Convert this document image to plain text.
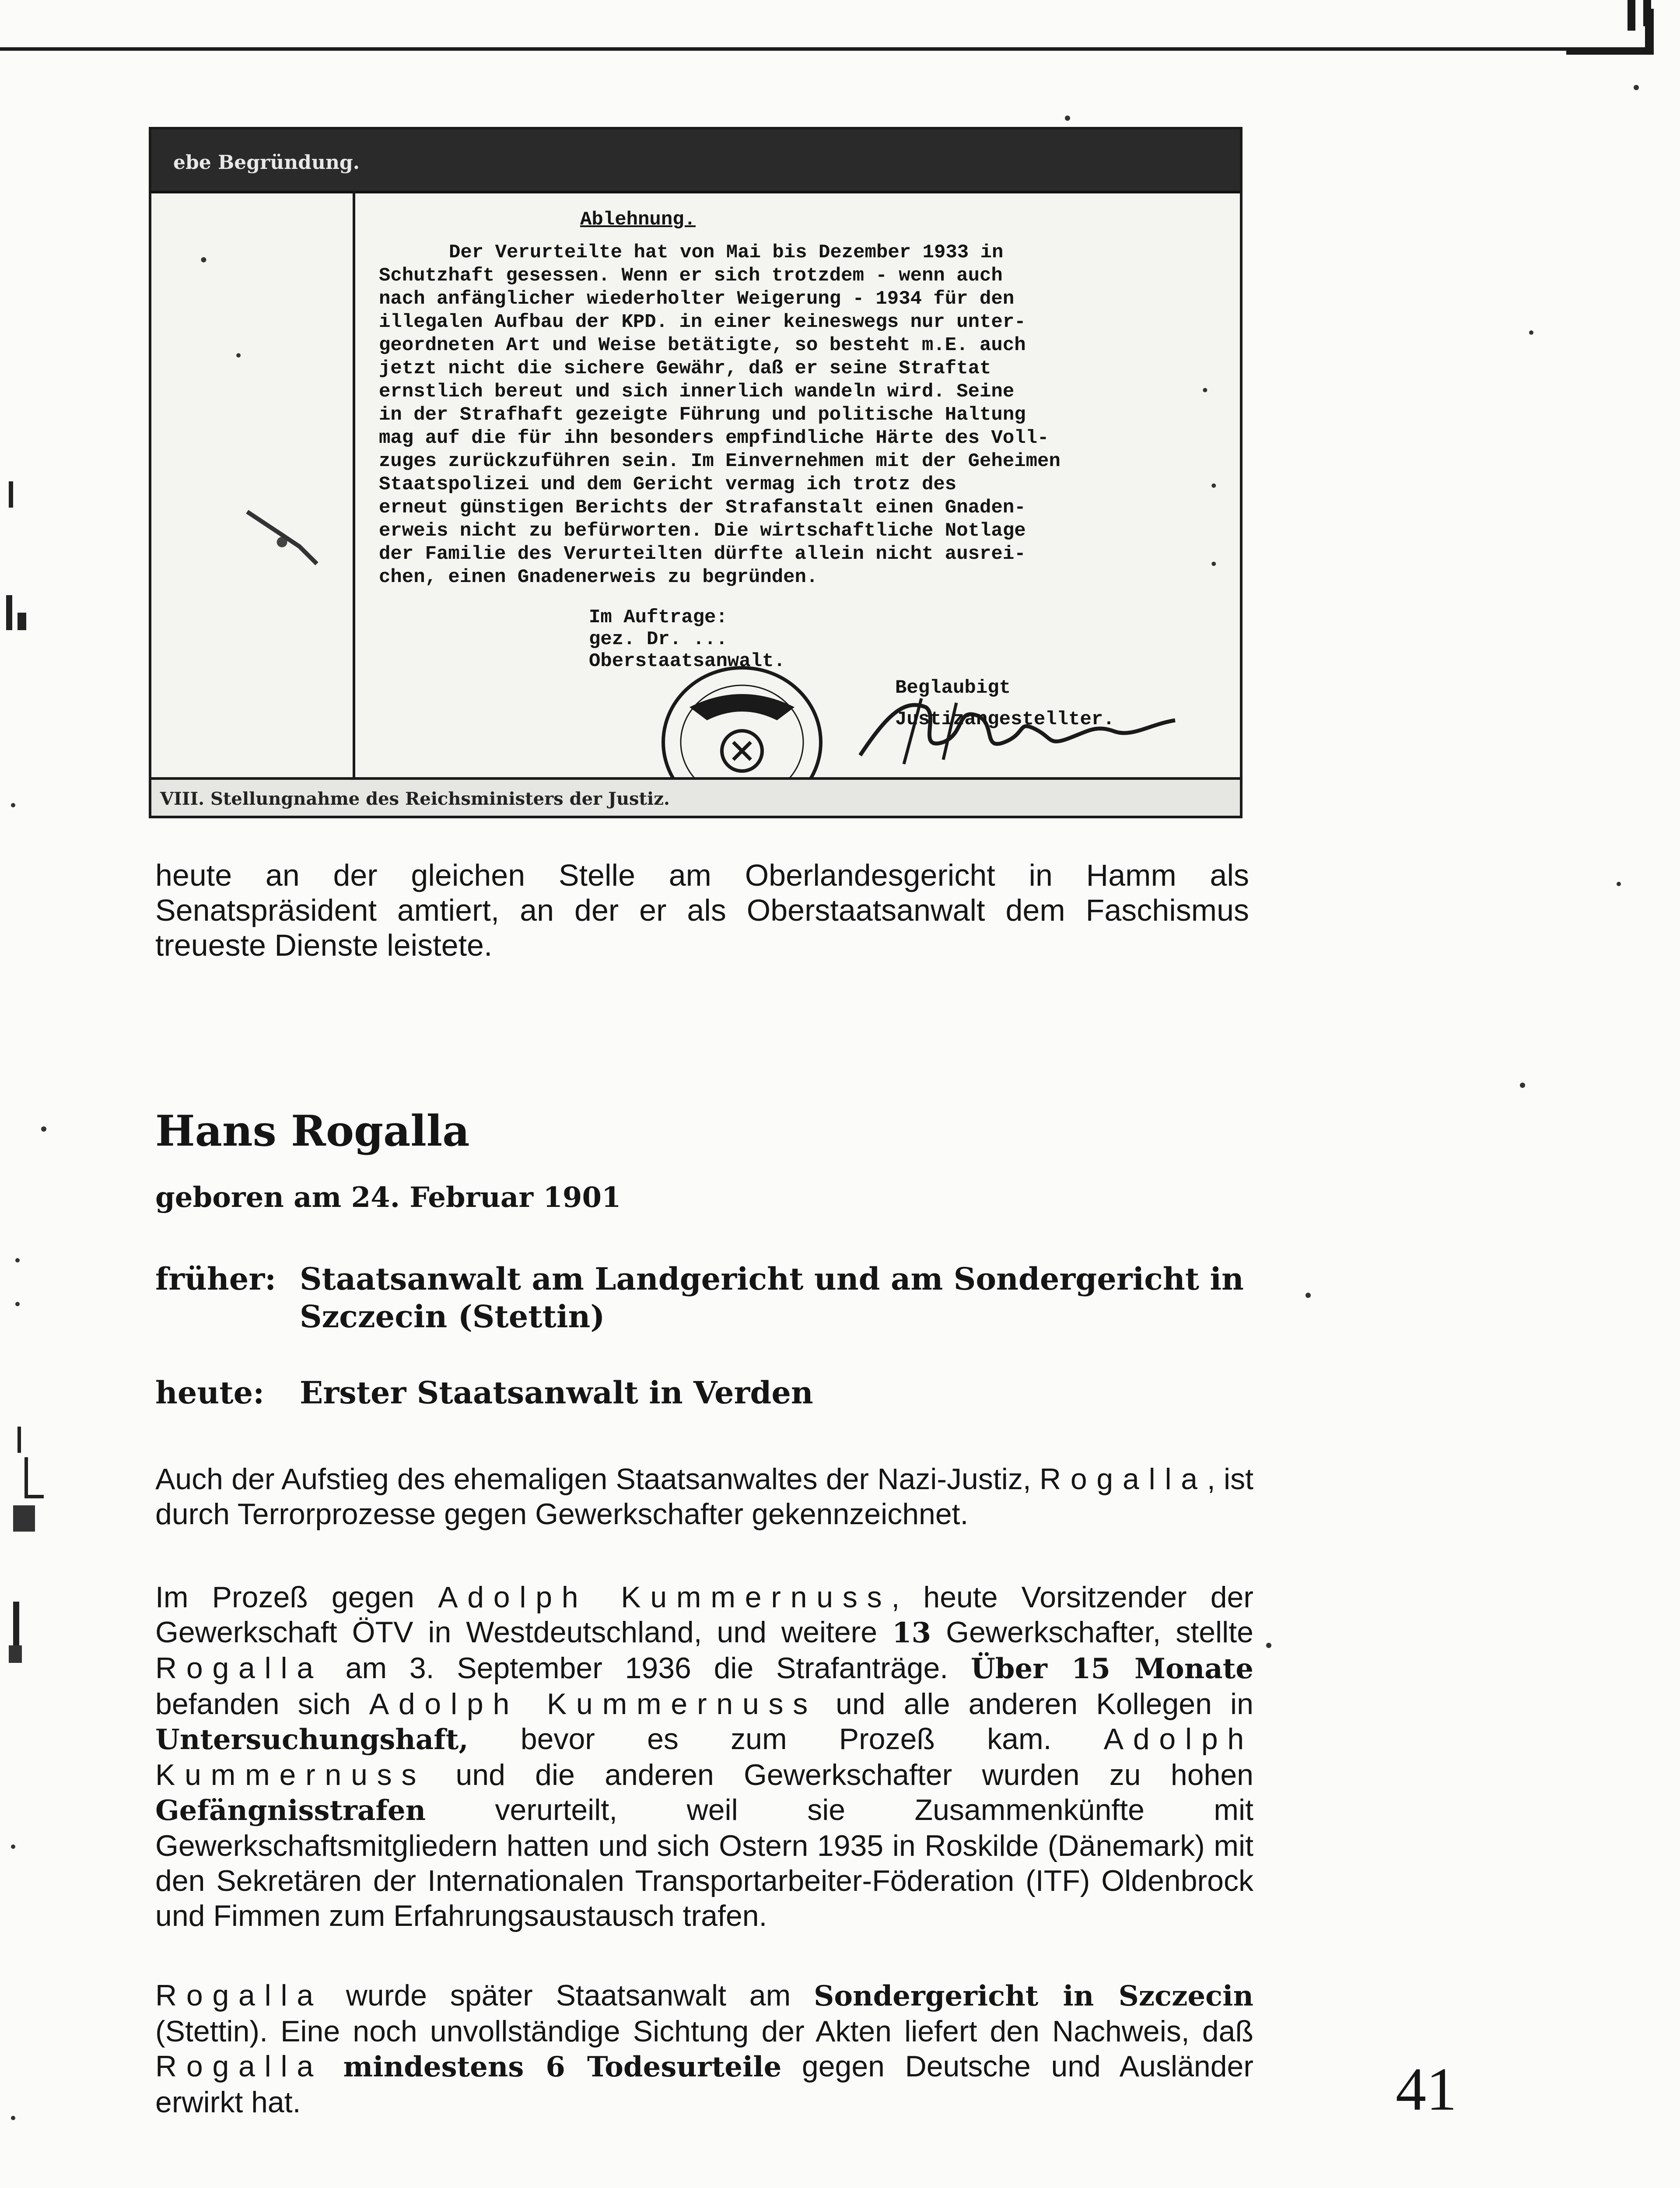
ebe Begründung.
Ablehnung.
Der Verurteilte hat von Mai bis Dezember 1933 in
Schutzhaft gesessen. Wenn er sich trotzdem - wenn auch
nach anfänglicher wiederholter Weigerung - 1934 für den
illegalen Aufbau der KPD. in einer keineswegs nur unter-
geordneten Art und Weise betätigte, so besteht m.E. auch
jetzt nicht die sichere Gewähr, daß er seine Straftat
ernstlich bereut und sich innerlich wandeln wird. Seine
in der Strafhaft gezeigte Führung und politische Haltung
mag auf die für ihn besonders empfindliche Härte des Voll-
zuges zurückzuführen sein. Im Einvernehmen mit der Geheimen
Staatspolizei und dem Gericht vermag ich trotz des
erneut günstigen Berichts der Strafanstalt einen Gnaden-
erweis nicht zu befürworten. Die wirtschaftliche Notlage
der Familie des Verurteilten dürfte allein nicht ausrei-
chen, einen Gnadenerweis zu begründen.
Im Auftrage:
gez. Dr. ...
Oberstaatsanwalt.
Beglaubigt
Justizangestellter.
VIII. Stellungnahme des Reichsministers der Justiz.
heute an der gleichen Stelle am Oberlandesgericht in Hamm als Senatspräsident amtiert, an der er als Oberstaatsanwalt dem Faschismus treueste Dienste leistete.
Hans Rogalla
geboren am 24. Februar 1901
früher: Staatsanwalt am Landgericht und am Sondergericht in Szczecin (Stettin)
heute: Erster Staatsanwalt in Verden
Auch der Aufstieg des ehemaligen Staatsanwaltes der Nazi-Justiz, Rogalla, ist durch Terrorprozesse gegen Gewerkschafter gekennzeichnet.
Im Prozeß gegen Adolph Kummernuss, heute Vorsitzender der Gewerkschaft ÖTV in Westdeutschland, und weitere 13 Gewerkschafter, stellte Rogalla am 3. September 1936 die Strafanträge. Über 15 Monate befanden sich Adolph Kummernuss und alle anderen Kollegen in Untersuchungshaft, bevor es zum Prozeß kam. Adolph Kummernuss und die anderen Gewerkschafter wurden zu hohen Gefängnisstrafen verurteilt, weil sie Zusammenkünfte mit Gewerkschaftsmitgliedern hatten und sich Ostern 1935 in Roskilde (Dänemark) mit den Sekretären der Internationalen Transportarbeiter-Föderation (ITF) Oldenbrock und Fimmen zum Erfahrungsaustausch trafen.
Rogalla wurde später Staatsanwalt am Sondergericht in Szczecin (Stettin). Eine noch unvollständige Sichtung der Akten liefert den Nachweis, daß Rogalla mindestens 6 Todesurteile gegen Deutsche und Ausländer erwirkt hat.	41
